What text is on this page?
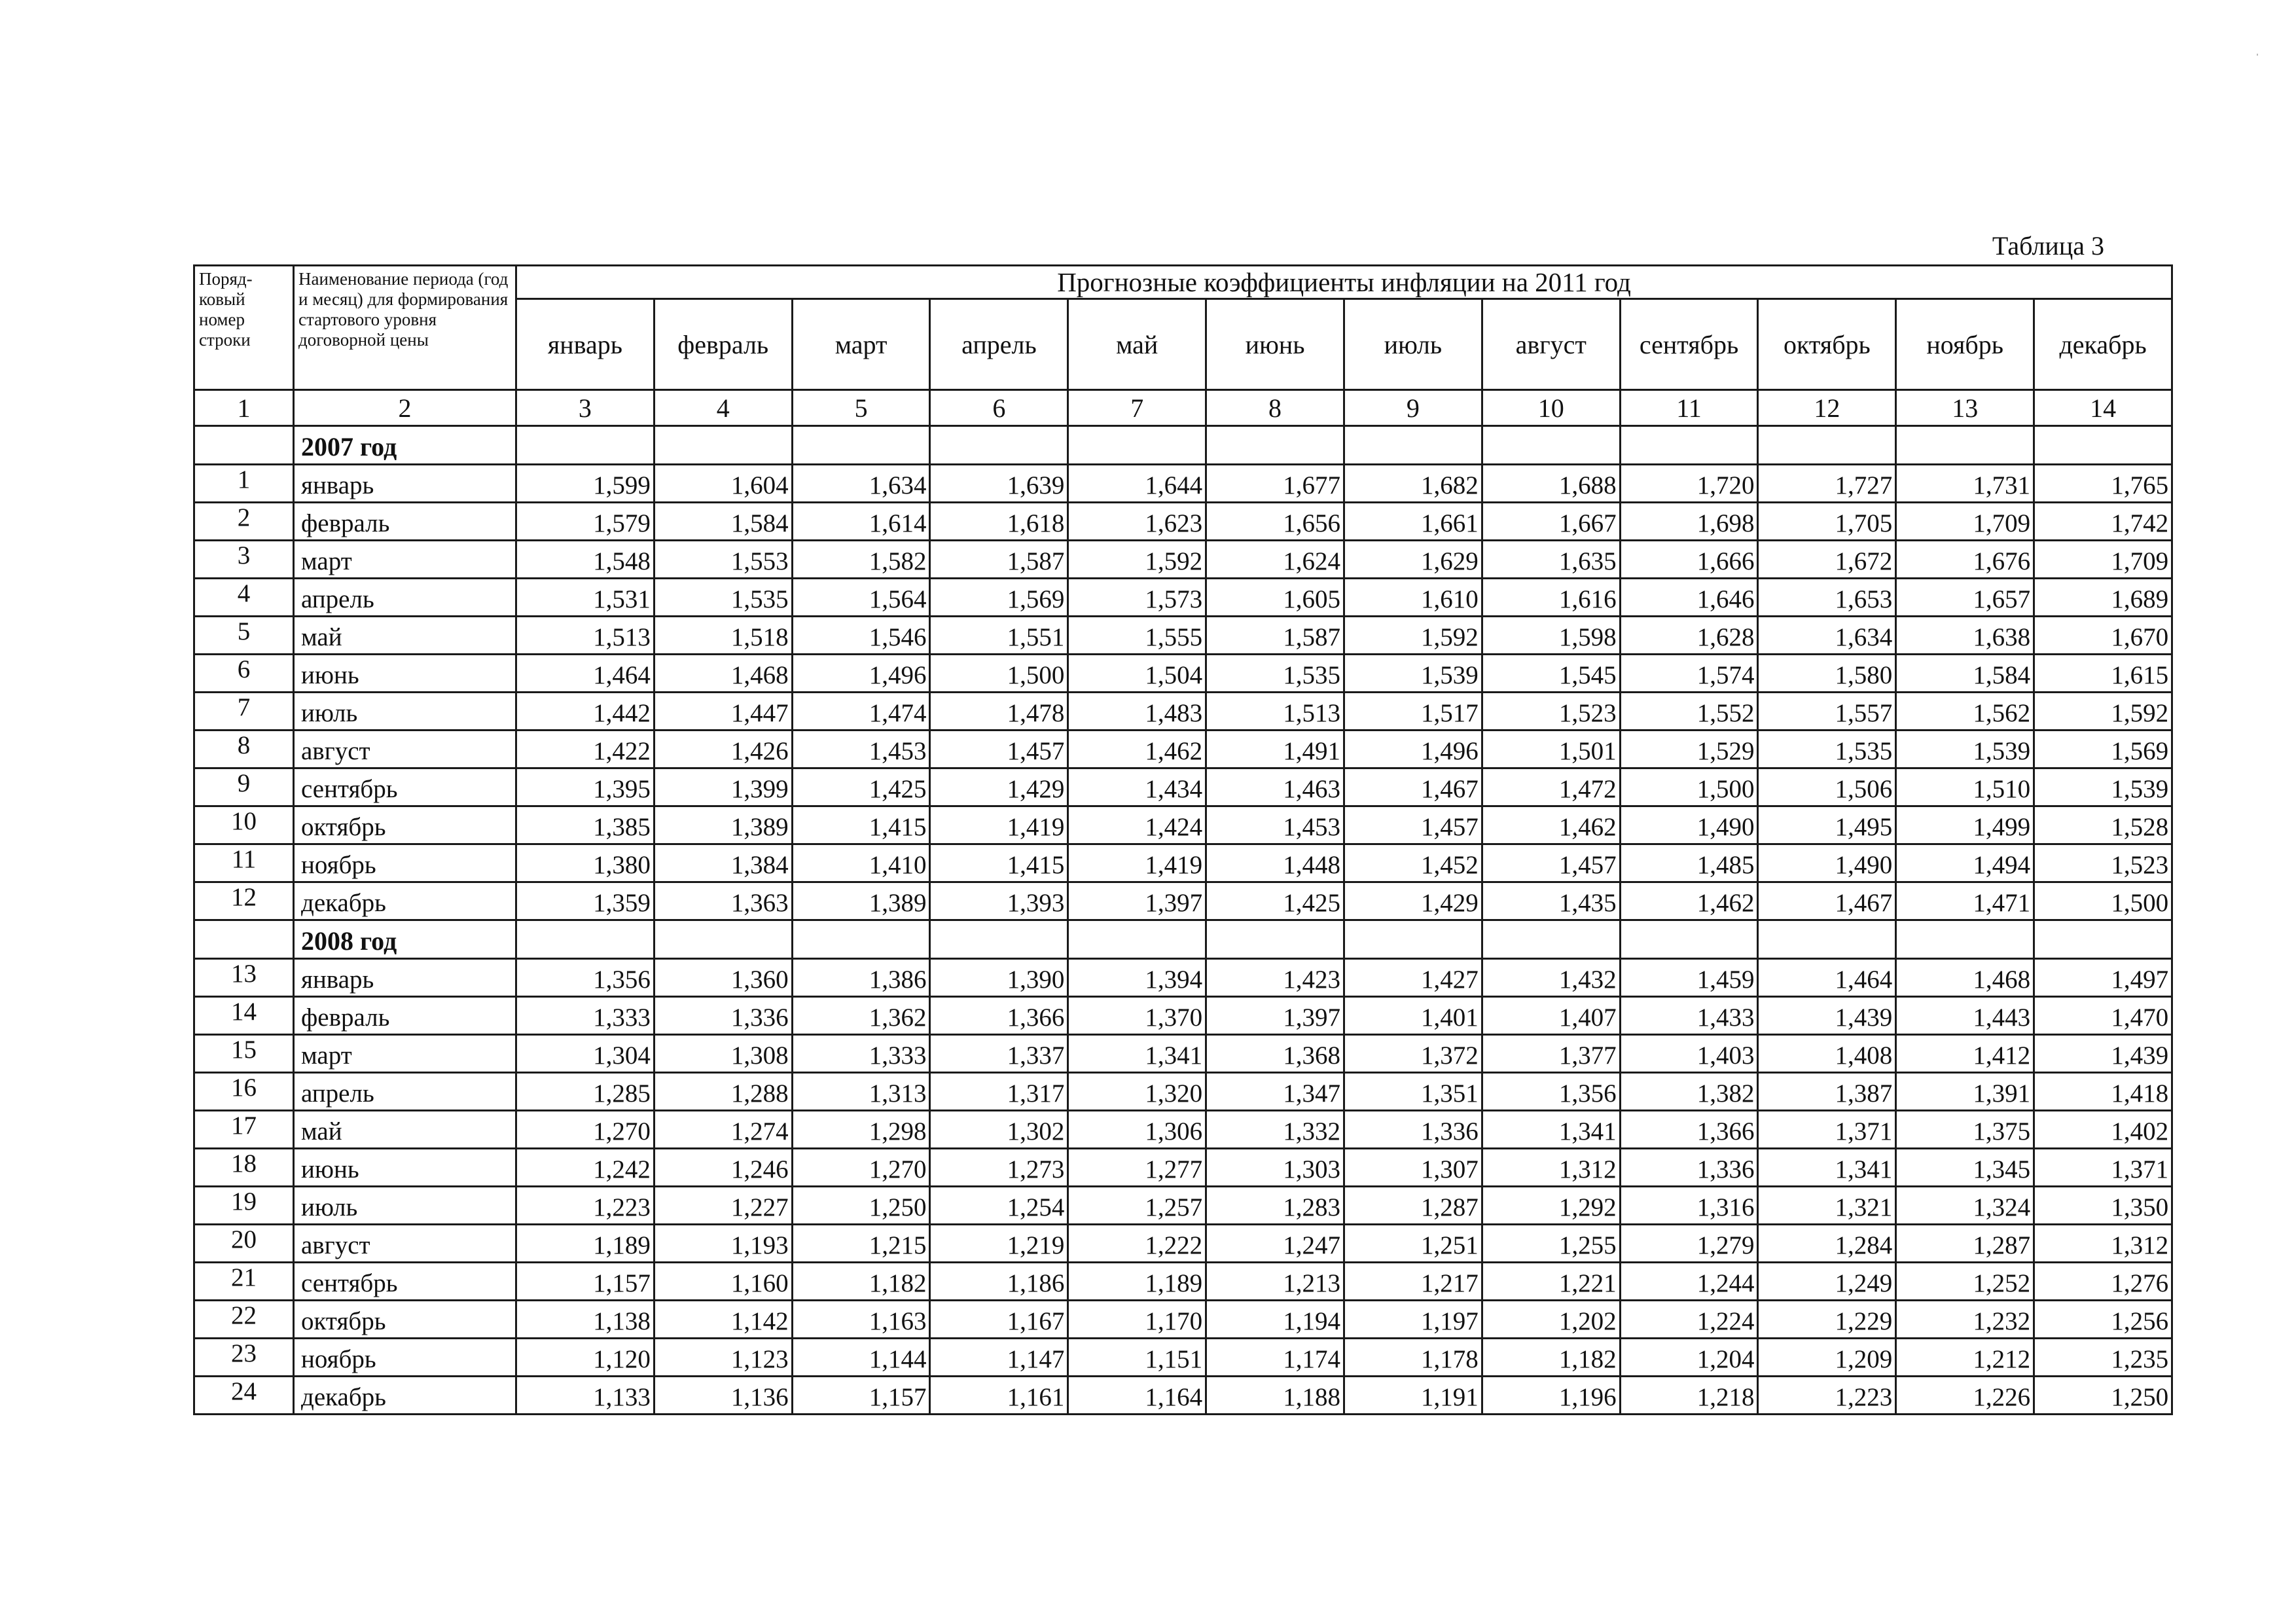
Таблица 3
Поряд-ковый номер строки	Наименование периода (год и месяц) для формирования стартового уровня договорной цены	Прогнозные коэффициенты инфляции на 2011 год											
		январь	февраль	март	апрель	май	июнь	июль	август	сентябрь	октябрь	ноябрь	декабрь
1	2	3	4	5	6	7	8	9	10	11	12	13	14
	2007 год												
1	январь	1,599	1,604	1,634	1,639	1,644	1,677	1,682	1,688	1,720	1,727	1,731	1,765
2	февраль	1,579	1,584	1,614	1,618	1,623	1,656	1,661	1,667	1,698	1,705	1,709	1,742
3	март	1,548	1,553	1,582	1,587	1,592	1,624	1,629	1,635	1,666	1,672	1,676	1,709
4	апрель	1,531	1,535	1,564	1,569	1,573	1,605	1,610	1,616	1,646	1,653	1,657	1,689
5	май	1,513	1,518	1,546	1,551	1,555	1,587	1,592	1,598	1,628	1,634	1,638	1,670
6	июнь	1,464	1,468	1,496	1,500	1,504	1,535	1,539	1,545	1,574	1,580	1,584	1,615
7	июль	1,442	1,447	1,474	1,478	1,483	1,513	1,517	1,523	1,552	1,557	1,562	1,592
8	август	1,422	1,426	1,453	1,457	1,462	1,491	1,496	1,501	1,529	1,535	1,539	1,569
9	сентябрь	1,395	1,399	1,425	1,429	1,434	1,463	1,467	1,472	1,500	1,506	1,510	1,539
10	октябрь	1,385	1,389	1,415	1,419	1,424	1,453	1,457	1,462	1,490	1,495	1,499	1,528
11	ноябрь	1,380	1,384	1,410	1,415	1,419	1,448	1,452	1,457	1,485	1,490	1,494	1,523
12	декабрь	1,359	1,363	1,389	1,393	1,397	1,425	1,429	1,435	1,462	1,467	1,471	1,500
	2008 год												
13	январь	1,356	1,360	1,386	1,390	1,394	1,423	1,427	1,432	1,459	1,464	1,468	1,497
14	февраль	1,333	1,336	1,362	1,366	1,370	1,397	1,401	1,407	1,433	1,439	1,443	1,470
15	март	1,304	1,308	1,333	1,337	1,341	1,368	1,372	1,377	1,403	1,408	1,412	1,439
16	апрель	1,285	1,288	1,313	1,317	1,320	1,347	1,351	1,356	1,382	1,387	1,391	1,418
17	май	1,270	1,274	1,298	1,302	1,306	1,332	1,336	1,341	1,366	1,371	1,375	1,402
18	июнь	1,242	1,246	1,270	1,273	1,277	1,303	1,307	1,312	1,336	1,341	1,345	1,371
19	июль	1,223	1,227	1,250	1,254	1,257	1,283	1,287	1,292	1,316	1,321	1,324	1,350
20	август	1,189	1,193	1,215	1,219	1,222	1,247	1,251	1,255	1,279	1,284	1,287	1,312
21	сентябрь	1,157	1,160	1,182	1,186	1,189	1,213	1,217	1,221	1,244	1,249	1,252	1,276
22	октябрь	1,138	1,142	1,163	1,167	1,170	1,194	1,197	1,202	1,224	1,229	1,232	1,256
23	ноябрь	1,120	1,123	1,144	1,147	1,151	1,174	1,178	1,182	1,204	1,209	1,212	1,235
24	декабрь	1,133	1,136	1,157	1,161	1,164	1,188	1,191	1,196	1,218	1,223	1,226	1,250
